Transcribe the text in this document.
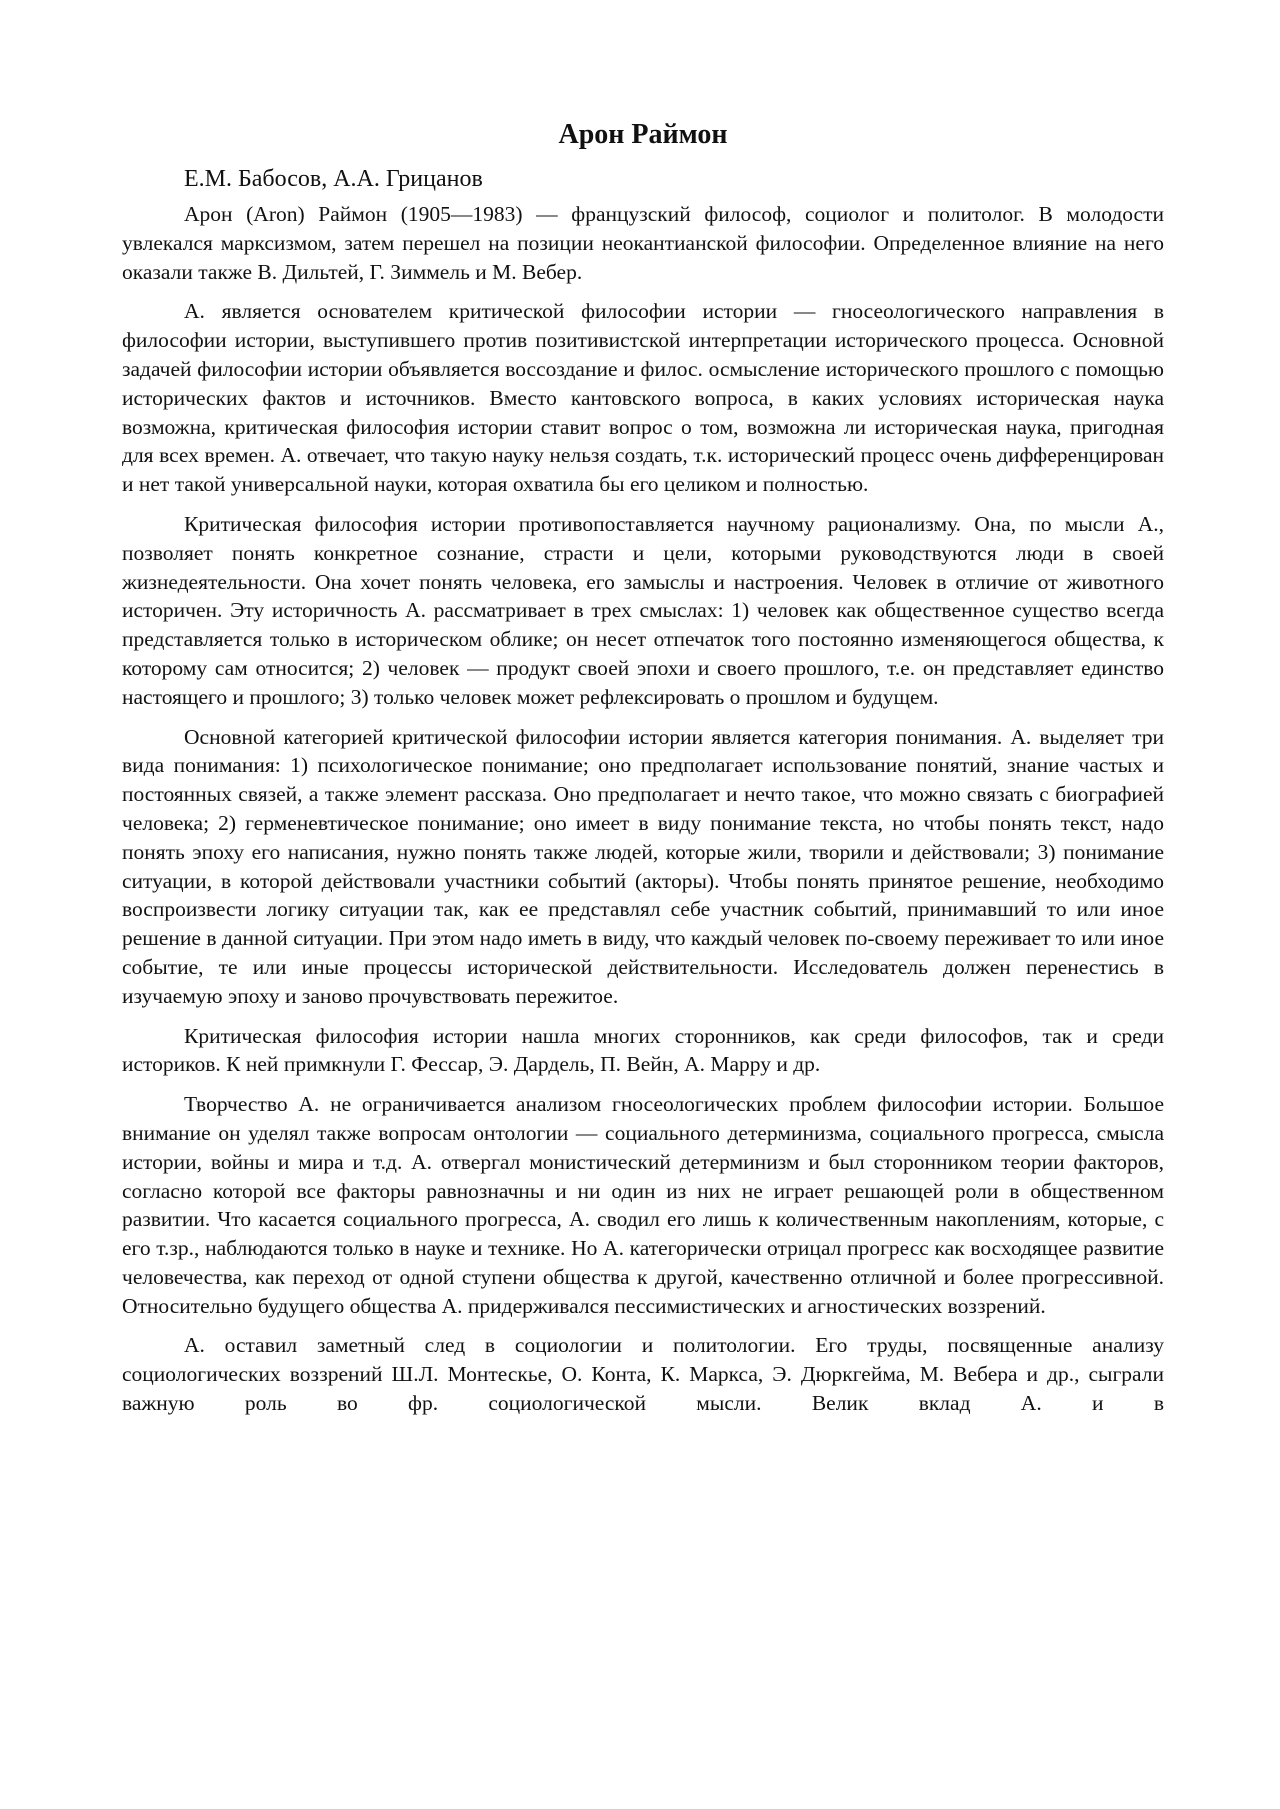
Арон Раймон
Е.М. Бабосов, А.А. Грицанов

Арон (Aron) Раймон (1905—1983) — французский философ, социолог и политолог. В молодости увлекался марксизмом, затем перешел на позиции неокантианской философии. Определенное влияние на него оказали также В. Дильтей, Г. Зиммель и М. Вебер.

А. является основателем критической философии истории — гносеологического направления в философии истории, выступившего против позитивистской интерпретации исторического процесса. Основной задачей философии истории объявляется воссоздание и филос. осмысление исторического прошлого с помощью исторических фактов и источников. Вместо кантовского вопроса, в каких условиях историческая наука возможна, критическая философия истории ставит вопрос о том, возможна ли историческая наука, пригодная для всех времен. А. отвечает, что такую науку нельзя создать, т.к. исторический процесс очень дифференцирован и нет такой универсальной науки, которая охватила бы его целиком и полностью.

Критическая философия истории противопоставляется научному рационализму. Она, по мысли А., позволяет понять конкретное сознание, страсти и цели, которыми руководствуются люди в своей жизнедеятельности. Она хочет понять человека, его замыслы и настроения. Человек в отличие от животного историчен. Эту историчность А. рассматривает в трех смыслах: 1) человек как общественное существо всегда представляется только в историческом облике; он несет отпечаток того постоянно изменяющегося общества, к которому сам относится; 2) человек — продукт своей эпохи и своего прошлого, т.е. он представляет единство настоящего и прошлого; 3) только человек может рефлексировать о прошлом и будущем.

Основной категорией критической философии истории является категория понимания. А. выделяет три вида понимания: 1) психологическое понимание; оно предполагает использование понятий, знание частых и постоянных связей, а также элемент рассказа. Оно предполагает и нечто такое, что можно связать с биографией человека; 2) герменевтическое понимание; оно имеет в виду понимание текста, но чтобы понять текст, надо понять эпоху его написания, нужно понять также людей, которые жили, творили и действовали; 3) понимание ситуации, в которой действовали участники событий (акторы). Чтобы понять принятое решение, необходимо воспроизвести логику ситуации так, как ее представлял себе участник событий, принимавший то или иное решение в данной ситуации. При этом надо иметь в виду, что каждый человек по-своему переживает то или иное событие, те или иные процессы исторической действительности. Исследователь должен перенестись в изучаемую эпоху и заново прочувствовать пережитое.

Критическая философия истории нашла многих сторонников, как среди философов, так и среди историков. К ней примкнули Г. Фессар, Э. Дардель, П. Вейн, А. Марру и др.

Творчество А. не ограничивается анализом гносеологических проблем философии истории. Большое внимание он уделял также вопросам онтологии — социального детерминизма, социального прогресса, смысла истории, войны и мира и т.д. А. отвергал монистический детерминизм и был сторонником теории факторов, согласно которой все факторы равнозначны и ни один из них не играет решающей роли в общественном развитии. Что касается социального прогресса, А. сводил его лишь к количественным накоплениям, которые, с его т.зр., наблюдаются только в науке и технике. Но А. категорически отрицал прогресс как восходящее развитие человечества, как переход от одной ступени общества к другой, качественно отличной и более прогрессивной. Относительно будущего общества А. придерживался пессимистических и агностических воззрений.

А. оставил заметный след в социологии и политологии. Его труды, посвященные анализу социологических воззрений Ш.Л. Монтескье, О. Конта, К. Маркса, Э. Дюркгейма, М. Вебера и др., сыграли важную роль во фр. социологической мысли. Велик вклад А. и в
